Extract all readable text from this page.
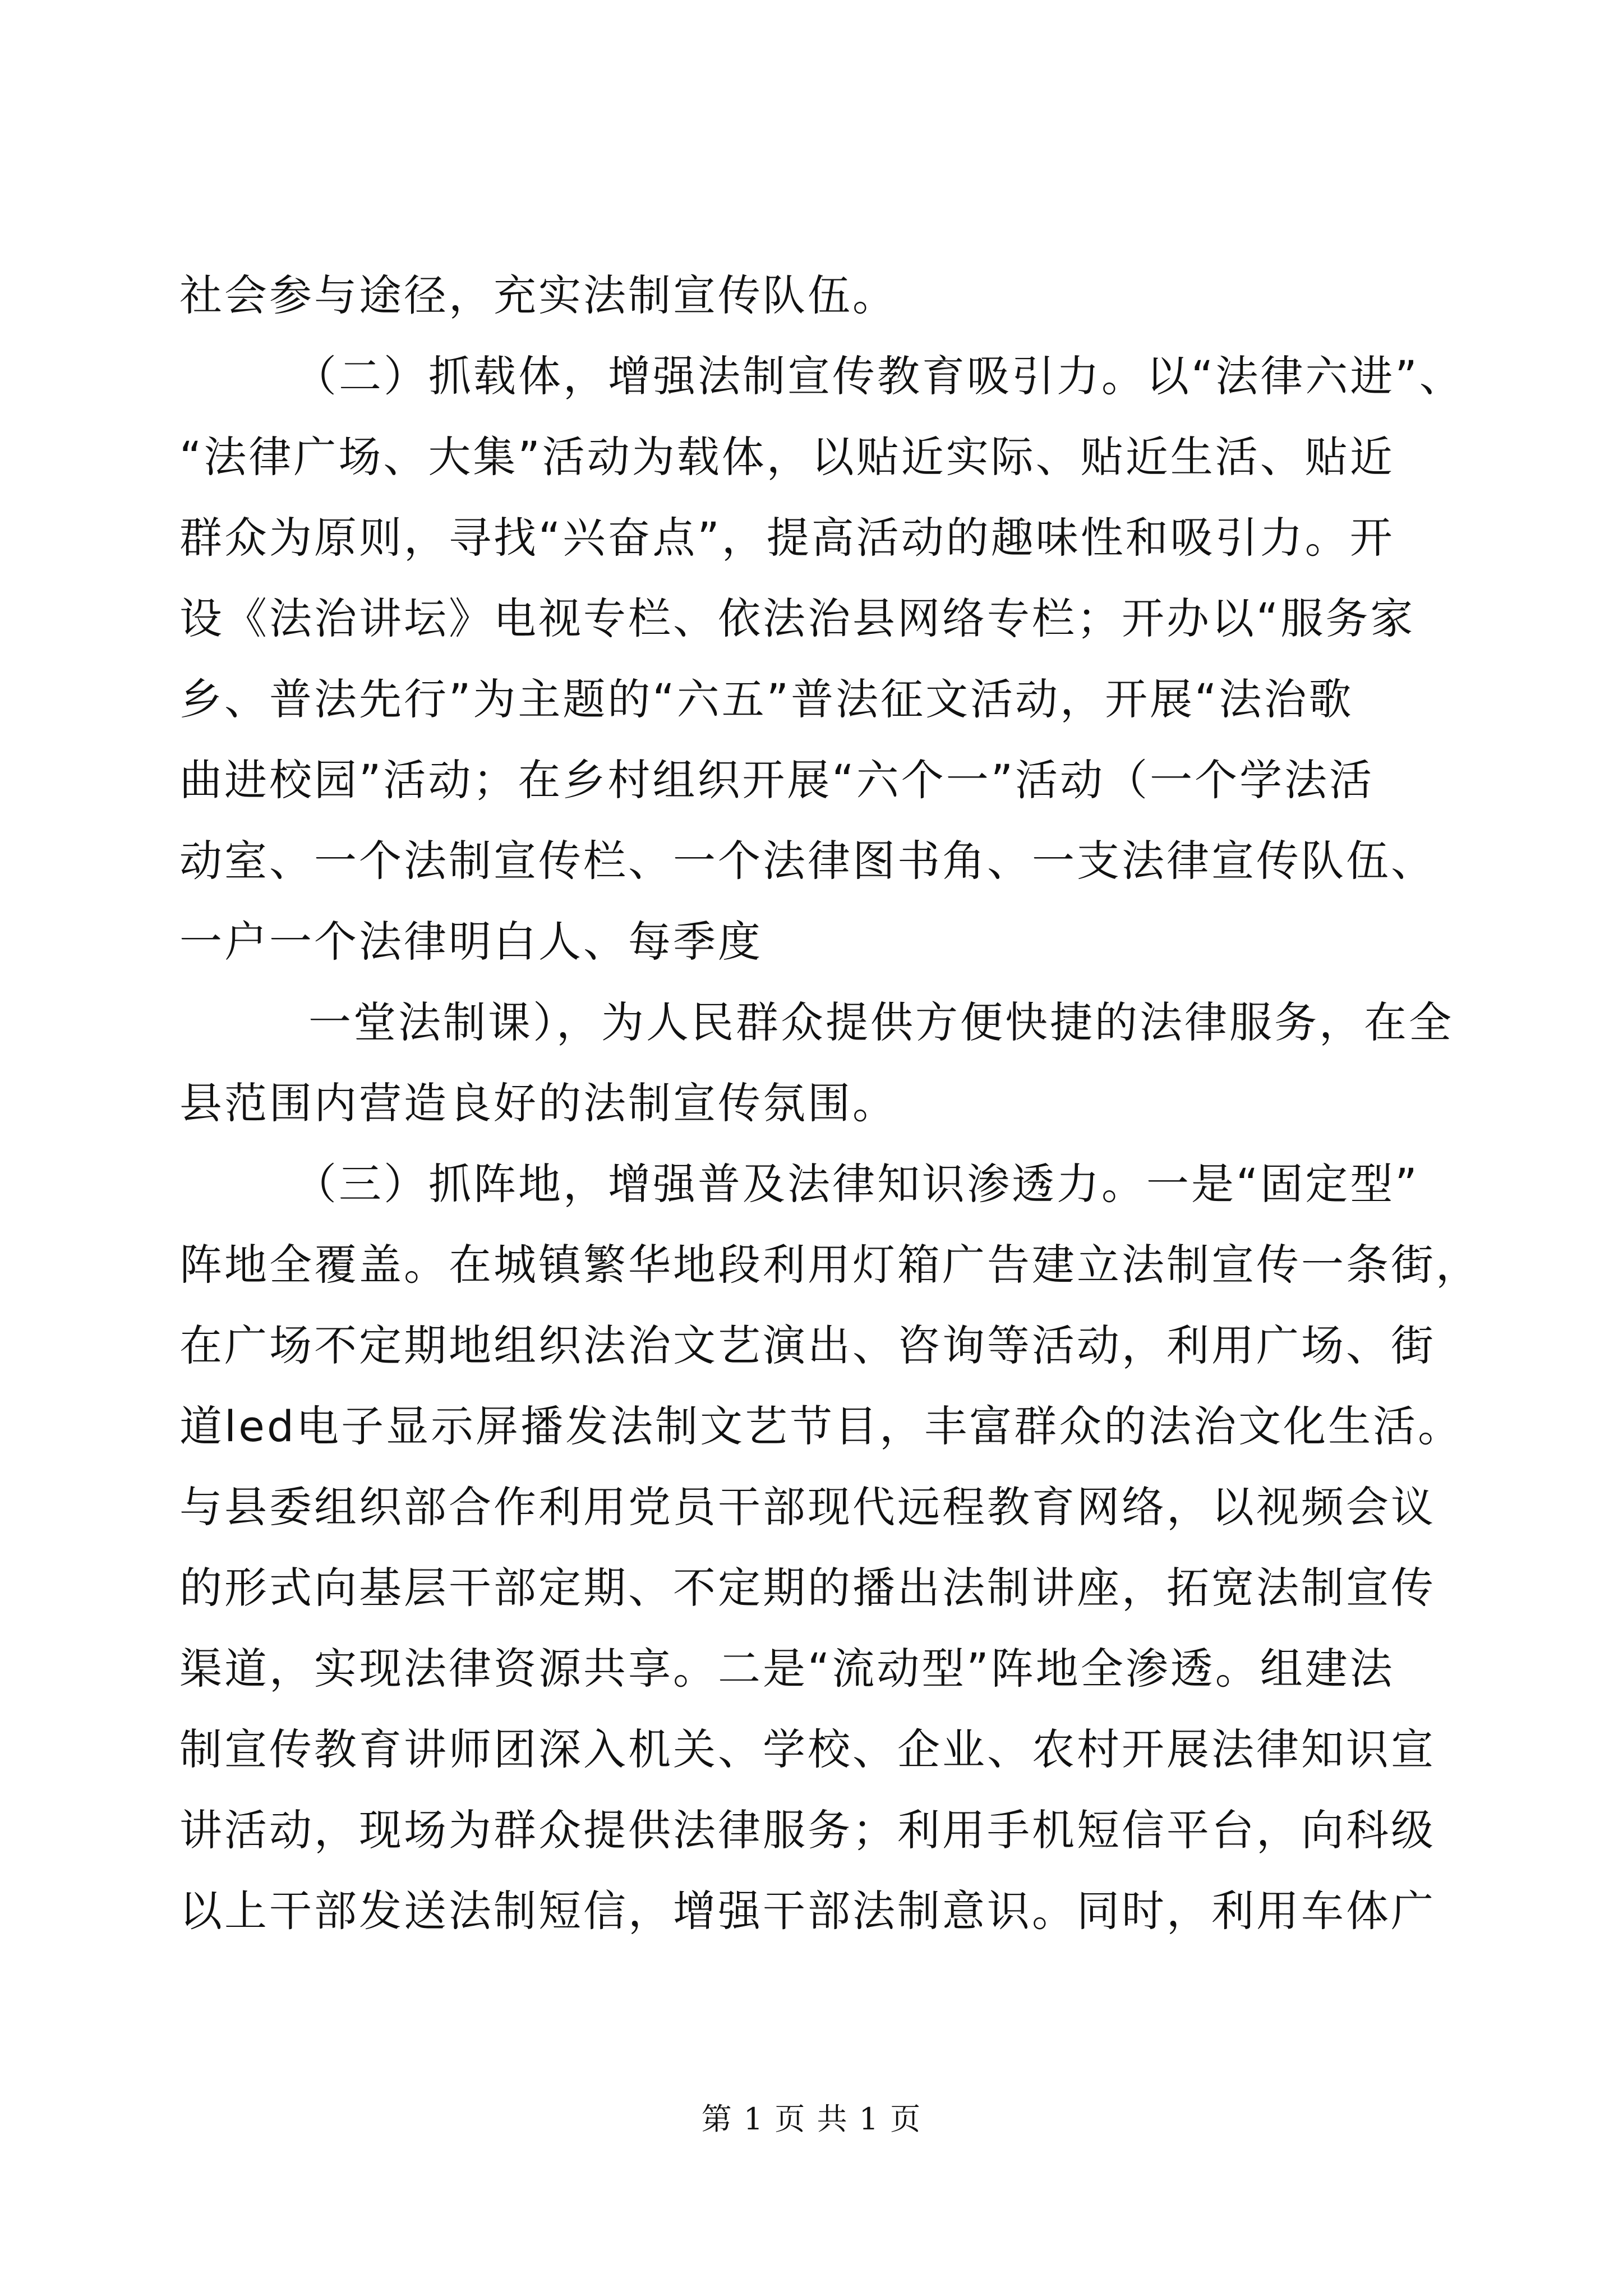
社会参与途径，充实法制宣传队伍。
（二）抓载体，增强法制宣传教育吸引力。以“法律六进”、
“法律广场、大集”活动为载体，以贴近实际、贴近生活、贴近
群众为原则，寻找“兴奋点”，提高活动的趣味性和吸引力。开
设《法治讲坛》电视专栏、依法治县网络专栏；开办以“服务家
乡、普法先行”为主题的“六五”普法征文活动，开展“法治歌
曲进校园”活动；在乡村组织开展“六个一”活动（一个学法活
动室、一个法制宣传栏、一个法律图书角、一支法律宣传队伍、
一户一个法律明白人、每季度
一堂法制课），为人民群众提供方便快捷的法律服务，在全
县范围内营造良好的法制宣传氛围。
（三）抓阵地，增强普及法律知识渗透力。一是“固定型”
阵地全覆盖。在城镇繁华地段利用灯箱广告建立法制宣传一条街，
在广场不定期地组织法治文艺演出、咨询等活动，利用广场、街
道led电子显示屏播发法制文艺节目，丰富群众的法治文化生活。
与县委组织部合作利用党员干部现代远程教育网络，以视频会议
的形式向基层干部定期、不定期的播出法制讲座，拓宽法制宣传
渠道，实现法律资源共享。二是“流动型”阵地全渗透。组建法
制宣传教育讲师团深入机关、学校、企业、农村开展法律知识宣
讲活动，现场为群众提供法律服务；利用手机短信平台，向科级
以上干部发送法制短信，增强干部法制意识。同时，利用车体广
第 1 页 共 1 页
